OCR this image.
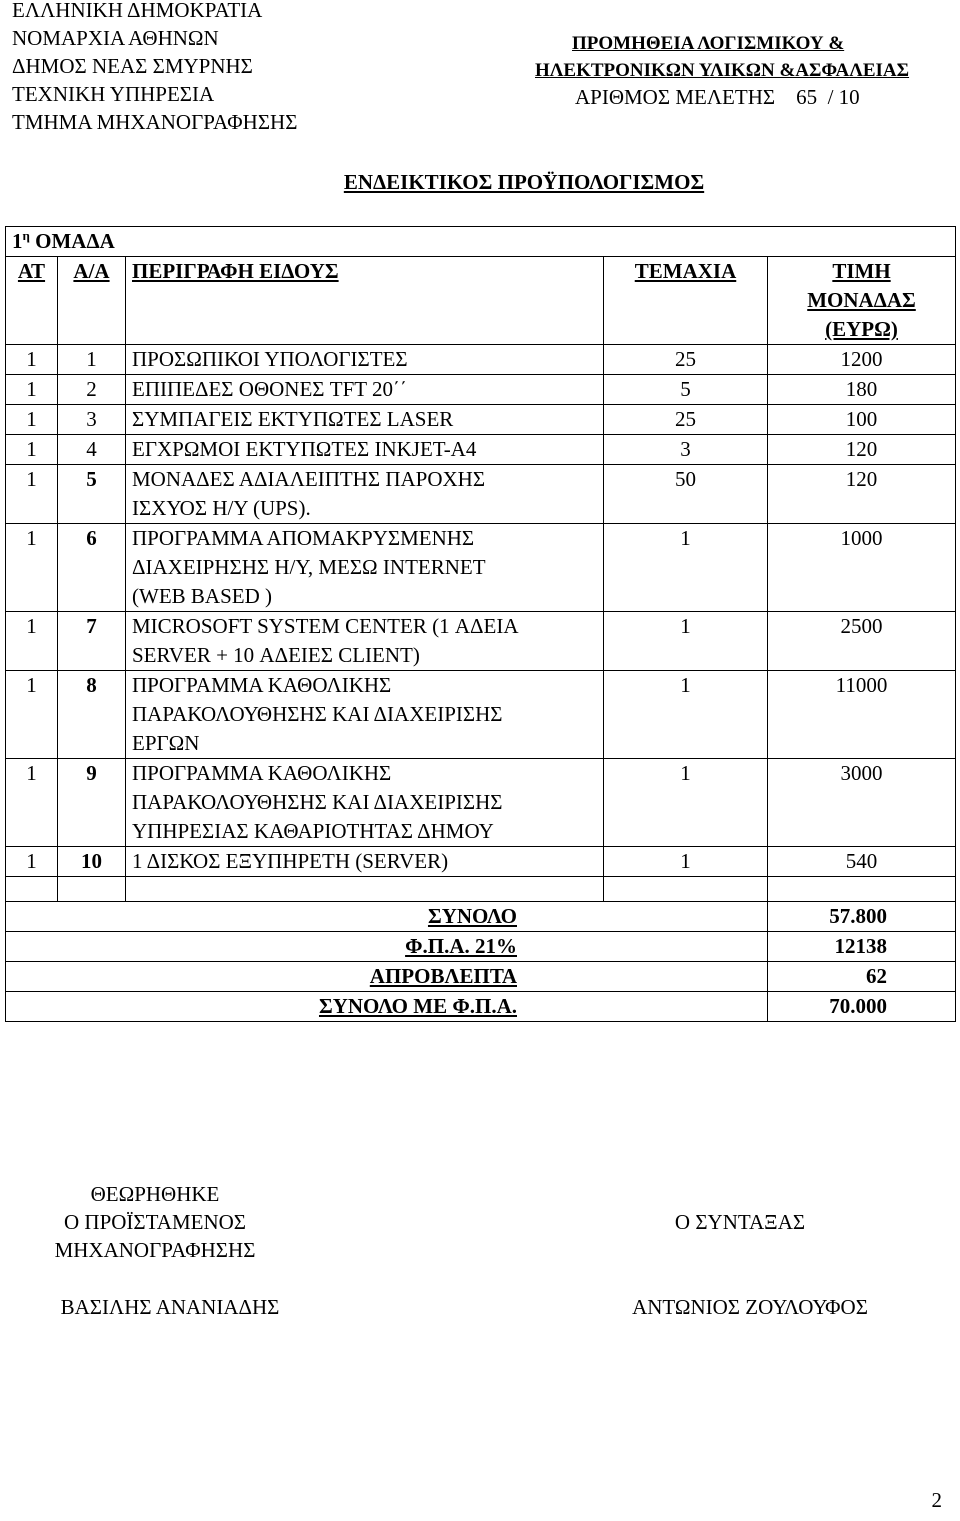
ΕΛΛΗΝΙΚΗ ΔΗΜΟΚΡΑΤΙΑ
ΝΟΜΑΡΧΙΑ ΑΘΗΝΩΝ
ΔΗΜΟΣ ΝΕΑΣ ΣΜΥΡΝΗΣ
ΤΕΧΝΙΚΗ ΥΠΗΡΕΣΙΑ
ΤΜΗΜΑ ΜΗΧΑΝΟΓΡΑΦΗΣΗΣ
ΠΡΟΜΗΘΕΙΑ ΛΟΓΙΣΜΙΚΟΥ &
ΗΛΕΚΤΡΟΝΙΚΩΝ ΥΛΙΚΩΝ &ΑΣΦΑΛΕΙΑΣ
ΑΡΙΘΜΟΣ ΜΕΛΕΤΗΣ    65  / 10
ΕΝΔΕΙΚΤΙΚΟΣ ΠΡΟΫΠΟΛΟΓΙΣΜΟΣ
$1^\eta$ ΟΜΑΔΑ				
ΑΤ	Α/Α	ΠΕΡΙΓΡΑΦΗ ΕΙΔΟΥΣ	ΤΕΜΑΧΙΑ	ΤΙΜΗ
ΜΟΝΑΔΑΣ
(ΕΥΡΩ)

1	1	ΠΡΟΣΩΠΙΚΟΙ ΥΠΟΛΟΓΙΣΤΕΣ	25	1200
1	2	ΕΠΙΠΕΔΕΣ ΟΘΟΝΕΣ TFT 20΄΄	5	180
1	3	ΣΥΜΠΑΓΕΙΣ ΕΚΤΥΠΩΤΕΣ LASER	25	100
1	4	ΕΓΧΡΩΜΟΙ ΕΚΤΥΠΩΤΕΣ INKJET-A4	3	120
1	5	ΜΟΝΑΔΕΣ ΑΔΙΑΛΕΙΠΤΗΣ ΠΑΡΟΧΗΣ
ΙΣΧΥΟΣ Η/Υ (UPS).	50	120
1	6	ΠΡΟΓΡΑΜΜΑ ΑΠΟΜΑΚΡΥΣΜΕΝΗΣ
ΔΙΑΧΕΙΡΗΣΗΣ Η/Υ, ΜΕΣΩ INTERNET
(WEB BASED )	1	1000
1	7	MICROSOFT SYSTEM CENTER (1 ΑΔΕΙΑ
SERVER + 10 ΑΔΕΙΕΣ CLIENT)	1	2500
1	8	ΠΡΟΓΡΑΜΜΑ ΚΑΘΟΛΙΚΗΣ
ΠΑΡΑΚΟΛΟΥΘΗΣΗΣ ΚΑΙ ΔΙΑΧΕΙΡΙΣΗΣ
ΕΡΓΩΝ	1	11000
1	9	ΠΡΟΓΡΑΜΜΑ ΚΑΘΟΛΙΚΗΣ
ΠΑΡΑΚΟΛΟΥΘΗΣΗΣ ΚΑΙ ΔΙΑΧΕΙΡΙΣΗΣ
ΥΠΗΡΕΣΙΑΣ ΚΑΘΑΡΙΟΤΗΤΑΣ ΔΗΜΟΥ	1	3000
1	10	1 ΔΙΣΚΟΣ ΕΞΥΠΗΡΕΤΗ (SERVER)	1	540

ΣΥΝΟΛΟ				57.800
Φ.Π.Α. 21%				12138
ΑΠΡΟΒΛΕΠΤΑ				62
ΣΥΝΟΛΟ ΜΕ Φ.Π.Α.				70.000
ΘΕΩΡΗΘΗΚΕ
Ο ΠΡΟΪΣΤΑΜΕΝΟΣ
ΜΗΧΑΝΟΓΡΑΦΗΣΗΣ
ΒΑΣΙΛΗΣ ΑΝΑΝΙΑΔΗΣ
Ο ΣΥΝΤΑΞΑΣ
ΑΝΤΩΝΙΟΣ ΖΟΥΛΟΥΦΟΣ
2
